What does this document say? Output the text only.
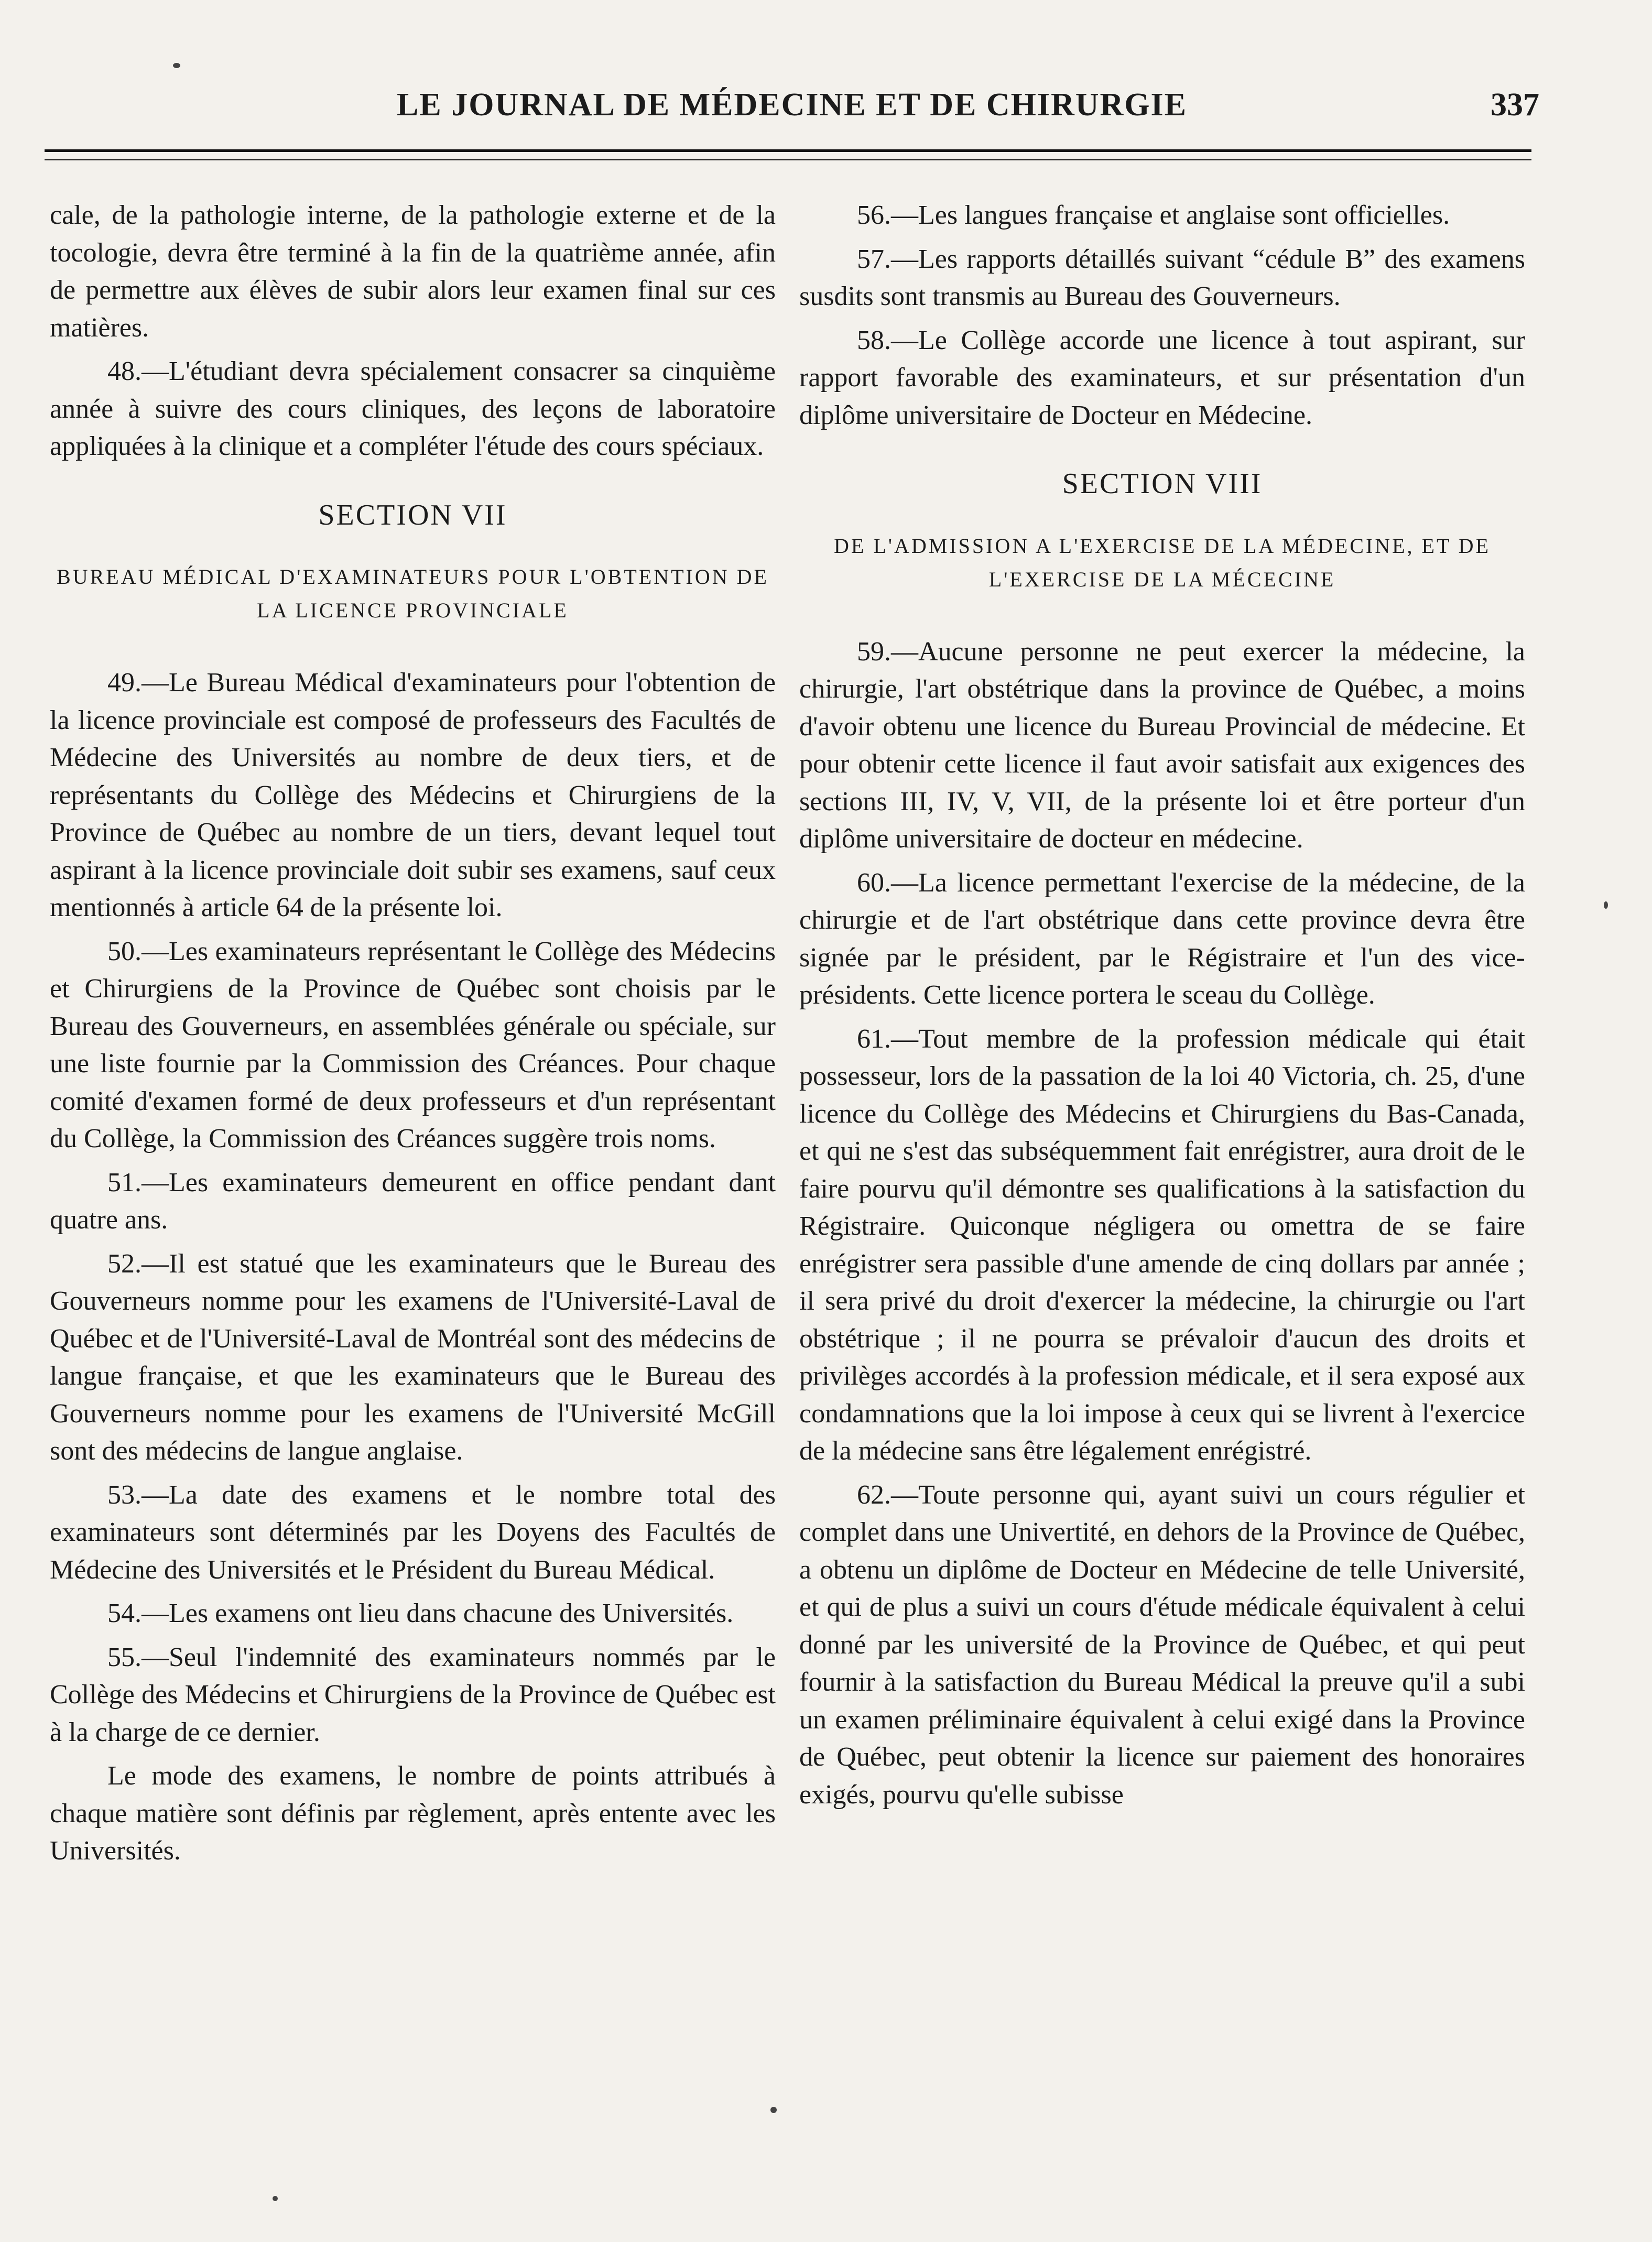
LE JOURNAL DE MÉDECINE ET DE CHIRURGIE	337

cale, de la pathologie interne, de la pathologie externe et de la tocologie, devra être terminé à la fin de la quatrième année, afin de permettre aux élèves de subir alors leur examen final sur ces matières.

48.—L'étudiant devra spécialement consacrer sa cinquième année à suivre des cours cliniques, des leçons de laboratoire appliquées à la clinique et a compléter l'étude des cours spéciaux.

SECTION VII
BUREAU MÉDICAL D'EXAMINATEURS POUR L'OBTENTION DE LA LICENCE PROVINCIALE

49.—Le Bureau Médical d'examinateurs pour l'obtention de la licence provinciale est composé de professeurs des Facultés de Médecine des Universités au nombre de deux tiers, et de représentants du Collège des Médecins et Chirurgiens de la Province de Québec au nombre de un tiers, devant lequel tout aspirant à la licence provinciale doit subir ses examens, sauf ceux mentionnés à article 64 de la présente loi.

50.—Les examinateurs représentant le Collège des Médecins et Chirurgiens de la Province de Québec sont choisis par le Bureau des Gouverneurs, en assemblées générale ou spéciale, sur une liste fournie par la Commission des Créances. Pour chaque comité d'examen formé de deux professeurs et d'un représentant du Collège, la Commission des Créances suggère trois noms.

51.—Les examinateurs demeurent en office pendant dant quatre ans.

52.—Il est statué que les examinateurs que le Bureau des Gouverneurs nomme pour les examens de l'Université-Laval de Québec et de l'Université-Laval de Montréal sont des médecins de langue française, et que les examinateurs que le Bureau des Gouverneurs nomme pour les examens de l'Université McGill sont des médecins de langue anglaise.

53.—La date des examens et le nombre total des examinateurs sont déterminés par les Doyens des Facultés de Médecine des Universités et le Président du Bureau Médical.

54.—Les examens ont lieu dans chacune des Universités.

55.—Seul l'indemnité des examinateurs nommés par le Collège des Médecins et Chirurgiens de la Province de Québec est à la charge de ce dernier.

Le mode des examens, le nombre de points attribués à chaque matière sont définis par règlement, après entente avec les Universités.

56.—Les langues française et anglaise sont officielles.

57.—Les rapports détaillés suivant “cédule B” des examens susdits sont transmis au Bureau des Gouverneurs.

58.—Le Collège accorde une licence à tout aspirant, sur rapport favorable des examinateurs, et sur présentation d'un diplôme universitaire de Docteur en Médecine.

SECTION VIII
DE L'ADMISSION A L'EXERCISE DE LA MÉDECINE, ET DE L'EXERCISE DE LA MÉCECINE

59.—Aucune personne ne peut exercer la médecine, la chirurgie, l'art obstétrique dans la province de Québec, a moins d'avoir obtenu une licence du Bureau Provincial de médecine. Et pour obtenir cette licence il faut avoir satisfait aux exigences des sections III, IV, V, VII, de la présente loi et être porteur d'un diplôme universitaire de docteur en médecine.

60.—La licence permettant l'exercise de la médecine, de la chirurgie et de l'art obstétrique dans cette province devra être signée par le président, par le Régistraire et l'un des vice-présidents. Cette licence portera le sceau du Collège.

61.—Tout membre de la profession médicale qui était possesseur, lors de la passation de la loi 40 Victoria, ch. 25, d'une licence du Collège des Médecins et Chirurgiens du Bas-Canada, et qui ne s'est das subséquemment fait enrégistrer, aura droit de le faire pourvu qu'il démontre ses qualifications à la satisfaction du Régistraire. Quiconque négligera ou omettra de se faire enrégistrer sera passible d'une amende de cinq dollars par année ; il sera privé du droit d'exercer la médecine, la chirurgie ou l'art obstétrique ; il ne pourra se prévaloir d'aucun des droits et privilèges accordés à la profession médicale, et il sera exposé aux condamnations que la loi impose à ceux qui se livrent à l'exercice de la médecine sans être légalement enrégistré.

62.—Toute personne qui, ayant suivi un cours régulier et complet dans une Univertité, en dehors de la Province de Québec, a obtenu un diplôme de Docteur en Médecine de telle Université, et qui de plus a suivi un cours d'étude médicale équivalent à celui donné par les université de la Province de Québec, et qui peut fournir à la satisfaction du Bureau Médical la preuve qu'il a subi un examen préliminaire équivalent à celui exigé dans la Province de Québec, peut obtenir la licence sur paiement des honoraires exigés, pourvu qu'elle subisse
